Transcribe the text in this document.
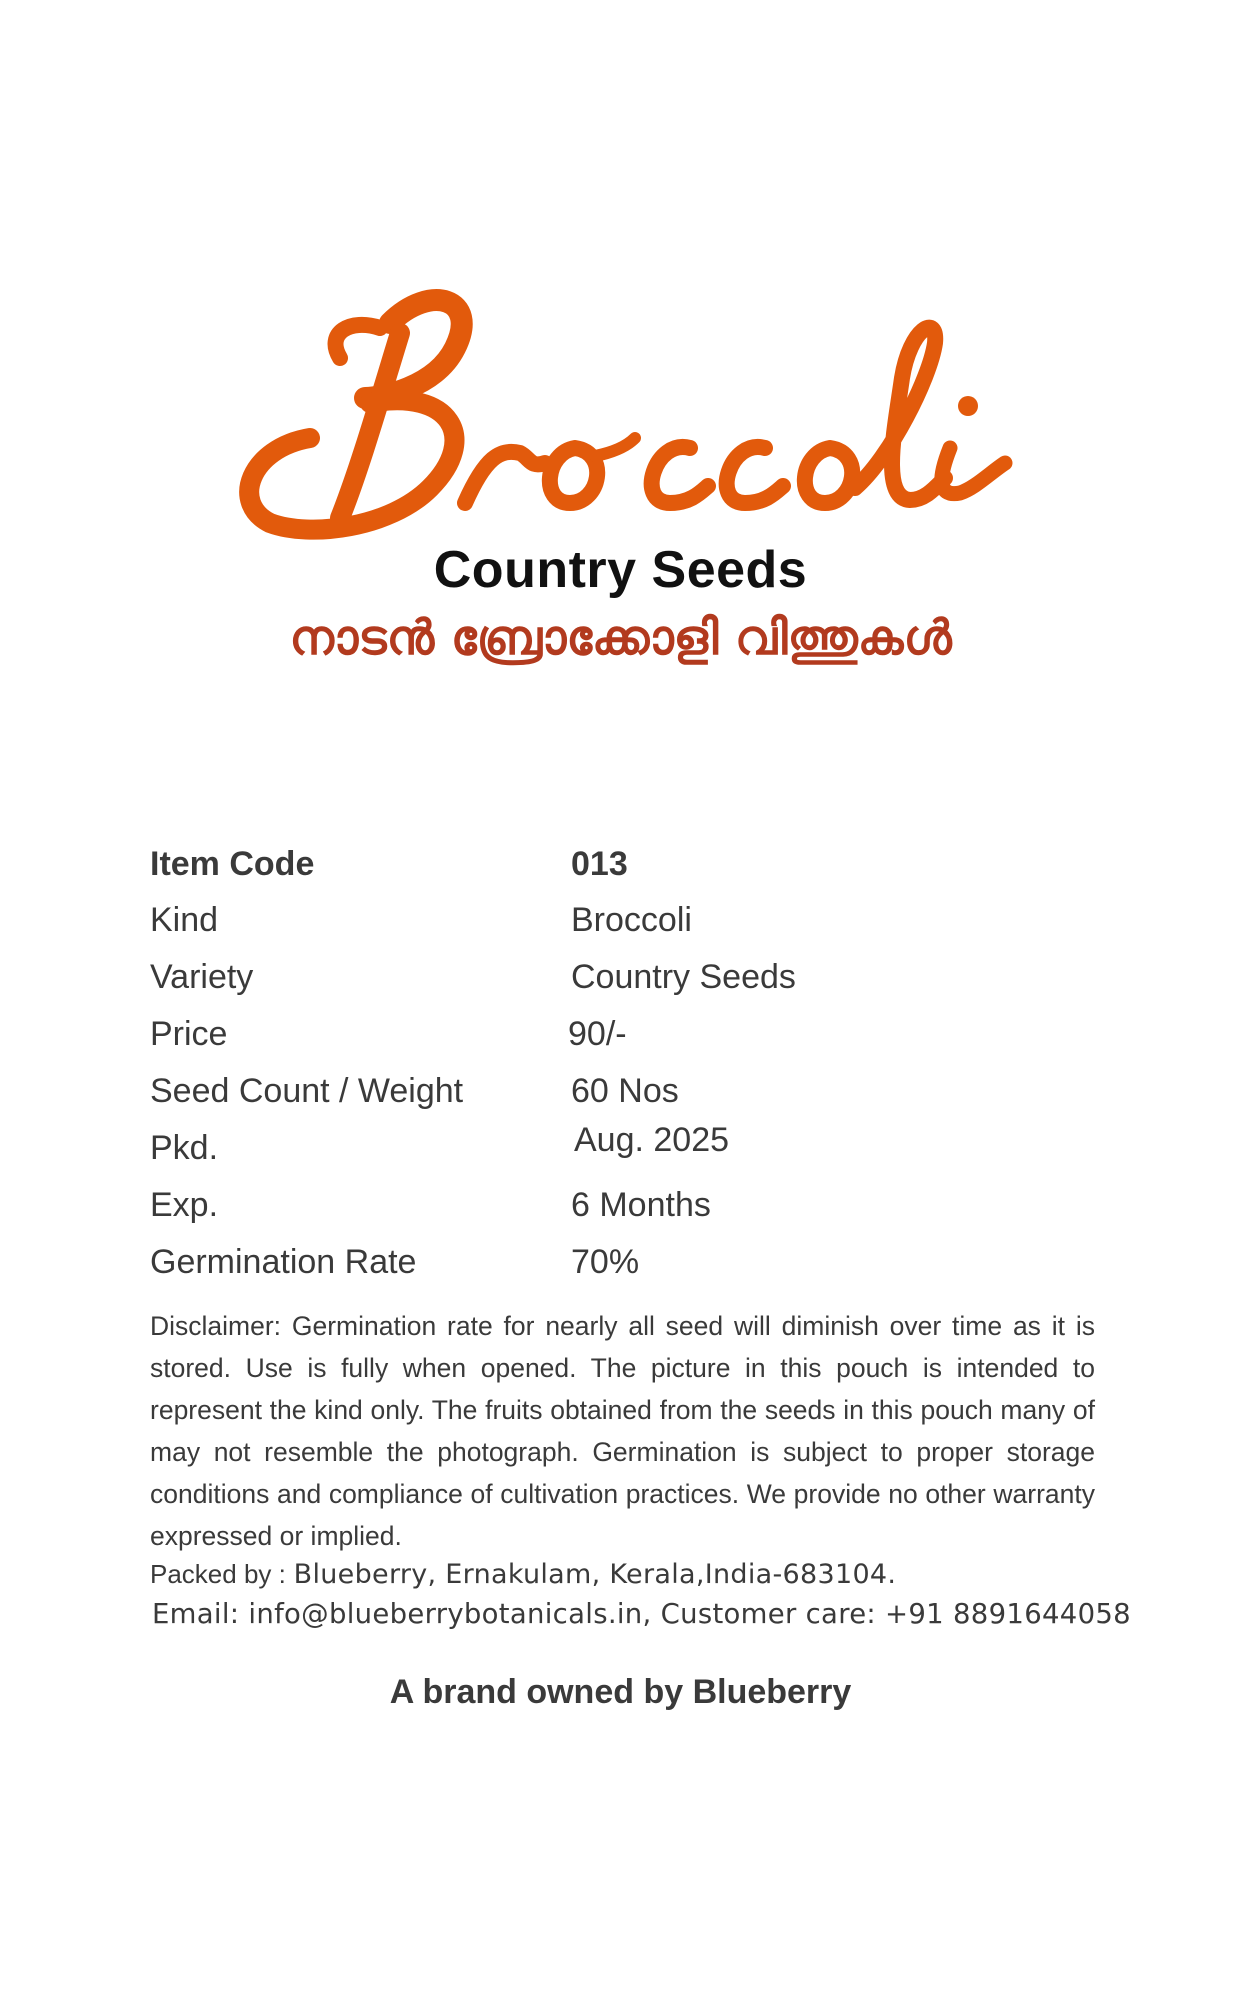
Country Seeds
നാടൻ ബ്രോക്കോളി വിത്തുകൾ
Item Code	013
Kind	Broccoli
Variety	Country Seeds
Price	90/-
Seed Count / Weight	60 Nos
Pkd.	Aug. 2025
Exp.	6 Months
Germination Rate	70%
Disclaimer: Germination rate for nearly all seed will diminish over time as it is stored. Use is fully when opened. The picture in this pouch is intended to represent the kind only. The fruits obtained from the seeds in this pouch many of may not resemble the photograph. Germination is subject to proper storage conditions and compliance of cultivation practices. We provide no other warranty expressed or implied.
Packed by : Blueberry, Ernakulam, Kerala,India-683104.
Email: info@blueberrybotanicals.in, Customer care: +91 8891644058
A brand owned by Blueberry
